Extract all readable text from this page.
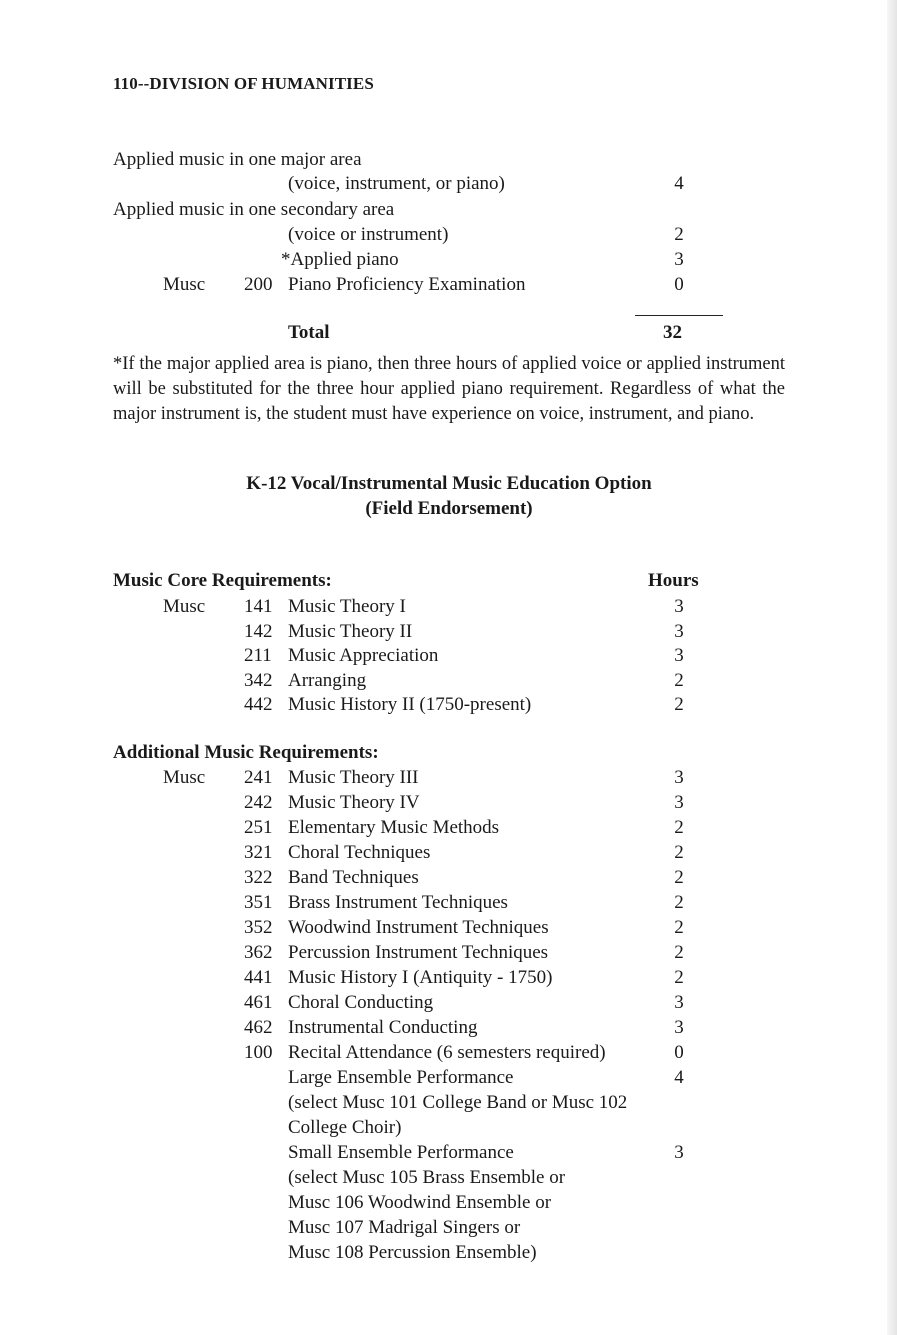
110--DIVISION OF HUMANITIES
Applied music in one major area
(voice, instrument, or piano)	4
Applied music in one secondary area
(voice or instrument)	2
*Applied piano	3
Musc 200 Piano Proficiency Examination	0
Total	32
*If the major applied area is piano, then three hours of applied voice or applied instrument will be substituted for the three hour applied piano requirement. Regardless of what the major instrument is, the student must have experience on voice, instrument, and piano.
K-12 Vocal/Instrumental Music Education Option
(Field Endorsement)
Music Core Requirements:	Hours
Musc 141 Music Theory I	3
142 Music Theory II	3
211 Music Appreciation	3
342 Arranging	2
442 Music History II (1750-present)	2
Additional Music Requirements:
Musc 241 Music Theory III	3
242 Music Theory IV	3
251 Elementary Music Methods	2
321 Choral Techniques	2
322 Band Techniques	2
351 Brass Instrument Techniques	2
352 Woodwind Instrument Techniques	2
362 Percussion Instrument Techniques	2
441 Music History I (Antiquity - 1750)	2
461 Choral Conducting	3
462 Instrumental Conducting	3
100 Recital Attendance (6 semesters required)	0
Large Ensemble Performance	4
(select Musc 101 College Band or Musc 102
College Choir)
Small Ensemble Performance	3
(select Musc 105 Brass Ensemble or
Musc 106 Woodwind Ensemble or
Musc 107 Madrigal Singers or
Musc 108 Percussion Ensemble)
